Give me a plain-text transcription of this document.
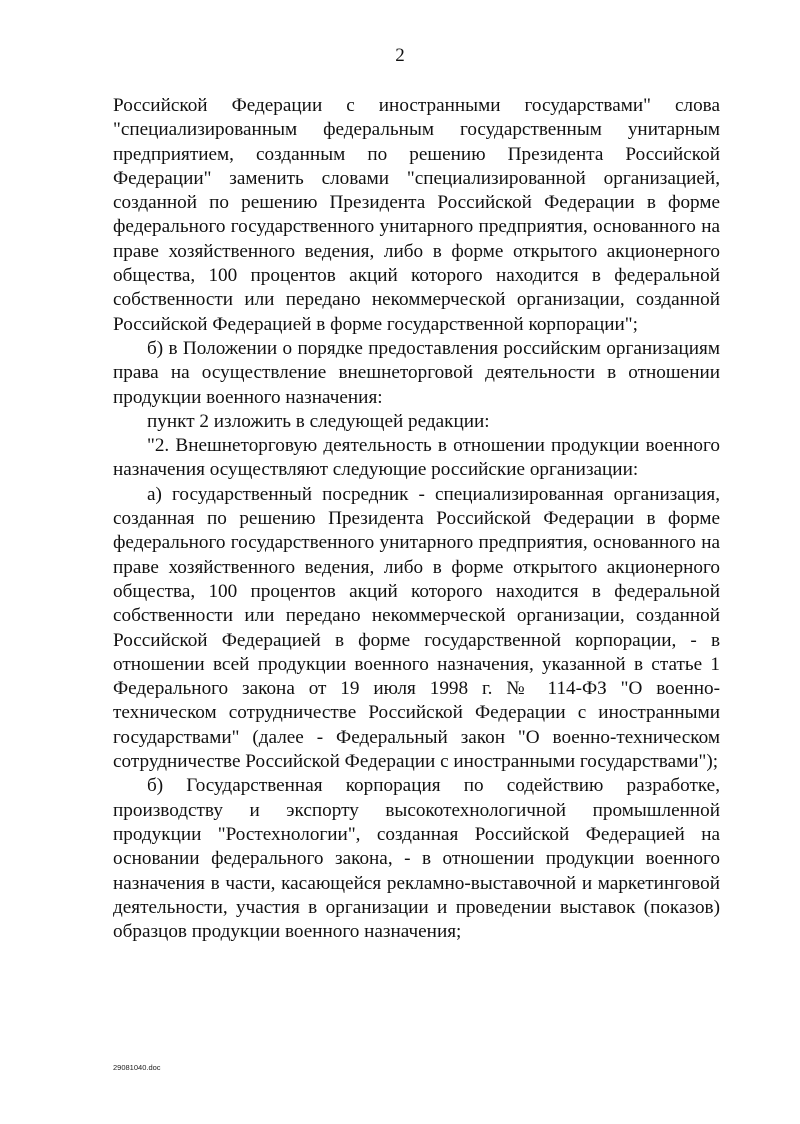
2

Российской Федерации с иностранными государствами" слова "специализированным федеральным государственным унитарным предприятием, созданным по решению Президента Российской Федерации" заменить словами "специализированной организацией, созданной по решению Президента Российской Федерации в форме федерального государственного унитарного предприятия, основанного на праве хозяйственного ведения, либо в форме открытого акционерного общества, 100 процентов акций которого находится в федеральной собственности или передано некоммерческой организации, созданной Российской Федерацией в форме государственной корпорации";

б) в Положении о порядке предоставления российским организациям права на осуществление внешнеторговой деятельности в отношении продукции военного назначения:

пункт 2 изложить в следующей редакции:

"2. Внешнеторговую деятельность в отношении продукции военного назначения осуществляют следующие российские организации:

а) государственный посредник - специализированная организация, созданная по решению Президента Российской Федерации в форме федерального государственного унитарного предприятия, основанного на праве хозяйственного ведения, либо в форме открытого акционерного общества, 100 процентов акций которого находится в федеральной собственности или передано некоммерческой организации, созданной Российской Федерацией в форме государственной корпорации, - в отношении всей продукции военного назначения, указанной в статье 1 Федерального закона от 19 июля 1998 г. № 114-ФЗ "О военно-техническом сотрудничестве Российской Федерации с иностранными государствами" (далее - Федеральный закон "О военно-техническом сотрудничестве Российской Федерации с иностранными государствами");

б) Государственная корпорация по содействию разработке, производству и экспорту высокотехнологичной промышленной продукции "Ростехнологии", созданная Российской Федерацией на основании федерального закона, - в отношении продукции военного назначения в части, касающейся рекламно-выставочной и маркетинговой деятельности, участия в организации и проведении выставок (показов) образцов продукции военного назначения;

29081040.doc
